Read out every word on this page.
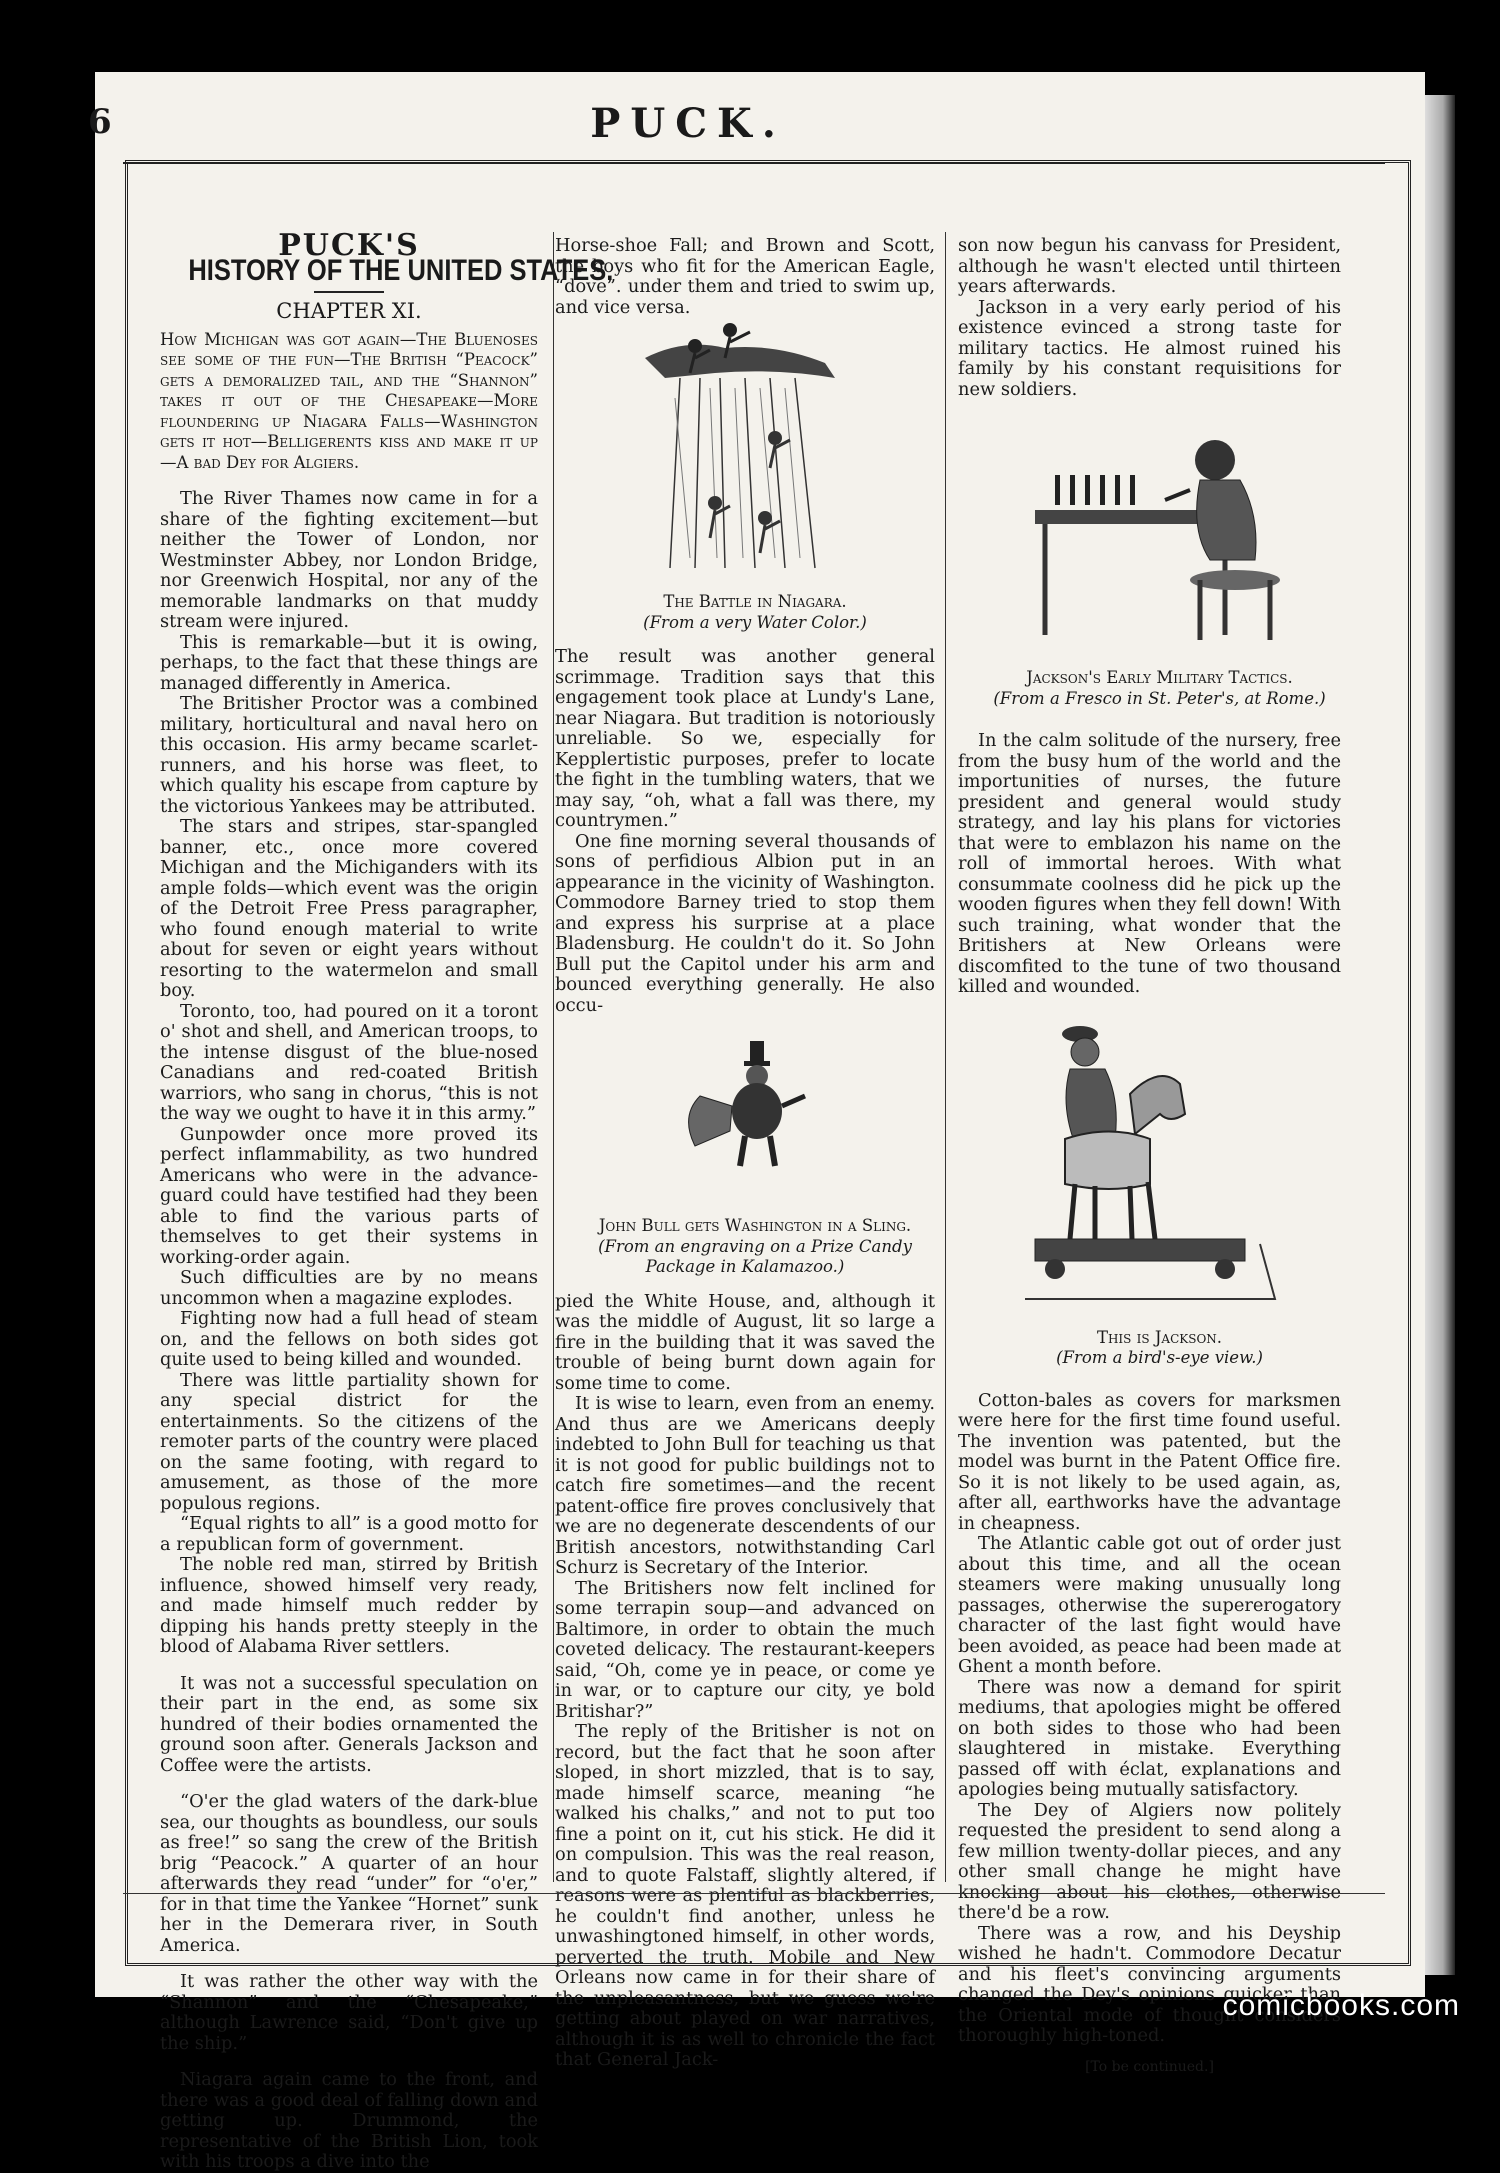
6	PUCK.
PUCK'S
HISTORY OF THE UNITED STATES.
CHAPTER XI.
How Michigan was got again—The Bluenoses see some of the fun—The British “Peacock” gets a demoralized tail, and the “Shannon” takes it out of the Chesapeake—More floundering up Niagara Falls—Washington gets it hot—Belligerents kiss and make it up—A bad Dey for Algiers.

The River Thames now came in for a share of the fighting excitement—but neither the Tower of London, nor Westminster Abbey, nor London Bridge, nor Greenwich Hospital, nor any of the memorable landmarks on that muddy stream were injured.

This is remarkable—but it is owing, perhaps, to the fact that these things are managed differently in America.

The Britisher Proctor was a combined military, horticultural and naval hero on this occasion. His army became scarlet-runners, and his horse was fleet, to which quality his escape from capture by the victorious Yankees may be attributed.

The stars and stripes, star-spangled banner, etc., once more covered Michigan and the Michiganders with its ample folds—which event was the origin of the Detroit Free Press paragrapher, who found enough material to write about for seven or eight years without resorting to the watermelon and small boy.

Toronto, too, had poured on it a toront o' shot and shell, and American troops, to the intense disgust of the blue-nosed Canadians and red-coated British warriors, who sang in chorus, “this is not the way we ought to have it in this army.”

Gunpowder once more proved its perfect inflammability, as two hundred Americans who were in the advance-guard could have testified had they been able to find the various parts of themselves to get their systems in working-order again.

Such difficulties are by no means uncommon when a magazine explodes.

Fighting now had a full head of steam on, and the fellows on both sides got quite used to being killed and wounded.

There was little partiality shown for any special district for the entertainments. So the citizens of the remoter parts of the country were placed on the same footing, with regard to amusement, as those of the more populous regions.

“Equal rights to all” is a good motto for a republican form of government.

The noble red man, stirred by British influence, showed himself very ready, and made himself much redder by dipping his hands pretty steeply in the blood of Alabama River settlers.

It was not a successful speculation on their part in the end, as some six hundred of their bodies ornamented the ground soon after. Generals Jackson and Coffee were the artists.

“O'er the glad waters of the dark-blue sea, our thoughts as boundless, our souls as free!” so sang the crew of the British brig “Peacock.” A quarter of an hour afterwards they read “under” for “o'er,” for in that time the Yankee “Hornet” sunk her in the Demerara river, in South America.

It was rather the other way with the “Shannon” and the “Chesapeake,” although Lawrence said, “Don't give up the ship.”

Niagara again came to the front, and there was a good deal of falling down and getting up. Drummond, the representative of the British Lion, took with his troops a dive into the

Horse-shoe Fall; and Brown and Scott, the boys who fit for the American Eagle, “dove”. under them and tried to swim up, and vice versa.

The Battle in Niagara.

(From a very Water Color.)

The result was another general scrimmage. Tradition says that this engagement took place at Lundy's Lane, near Niagara. But tradition is notoriously unreliable. So we, especially for Kepplertistic purposes, prefer to locate the fight in the tumbling waters, that we may say, “oh, what a fall was there, my countrymen.”

One fine morning several thousands of sons of perfidious Albion put in an appearance in the vicinity of Washington. Commodore Barney tried to stop them and express his surprise at a place Bladensburg. He couldn't do it. So John Bull put the Capitol under his arm and bounced everything generally. He also occu-

John Bull gets Washington in a Sling.

(From an engraving on a Prize Candy Package in Kalamazoo.)

pied the White House, and, although it was the middle of August, lit so large a fire in the building that it was saved the trouble of being burnt down again for some time to come.

It is wise to learn, even from an enemy. And thus are we Americans deeply indebted to John Bull for teaching us that it is not good for public buildings not to catch fire sometimes—and the recent patent-office fire proves conclusively that we are no degenerate descendents of our British ancestors, notwithstanding Carl Schurz is Secretary of the Interior.

The Britishers now felt inclined for some terrapin soup—and advanced on Baltimore, in order to obtain the much coveted delicacy. The restaurant-keepers said, “Oh, come ye in peace, or come ye in war, or to capture our city, ye bold Britishar?”

The reply of the Britisher is not on record, but the fact that he soon after sloped, in short mizzled, that is to say, made himself scarce, meaning “he walked his chalks,” and not to put too fine a point on it, cut his stick. He did it on compulsion. This was the real reason, and to quote Falstaff, slightly altered, if reasons were as plentiful as blackberries, he couldn't find another, unless he unwashingtoned himself, in other words, perverted the truth. Mobile and New Orleans now came in for their share of the unpleasantness, but we guess we're getting about played on war narratives, although it is as well to chronicle the fact that General Jack-

son now begun his canvass for President, although he wasn't elected until thirteen years afterwards.

Jackson in a very early period of his existence evinced a strong taste for military tactics. He almost ruined his family by his constant requisitions for new soldiers.

Jackson's Early Military Tactics.

(From a Fresco in St. Peter's, at Rome.)

In the calm solitude of the nursery, free from the busy hum of the world and the importunities of nurses, the future president and general would study strategy, and lay his plans for victories that were to emblazon his name on the roll of immortal heroes. With what consummate coolness did he pick up the wooden figures when they fell down! With such training, what wonder that the Britishers at New Orleans were discomfited to the tune of two thousand killed and wounded.

This is Jackson.

(From a bird's-eye view.)

Cotton-bales as covers for marksmen were here for the first time found useful. The invention was patented, but the model was burnt in the Patent Office fire. So it is not likely to be used again, as, after all, earthworks have the advantage in cheapness.

The Atlantic cable got out of order just about this time, and all the ocean steamers were making unusually long passages, otherwise the supererogatory character of the last fight would have been avoided, as peace had been made at Ghent a month before.

There was now a demand for spirit mediums, that apologies might be offered on both sides to those who had been slaughtered in mistake. Everything passed off with éclat, explanations and apologies being mutually satisfactory.

The Dey of Algiers now politely requested the president to send along a few million twenty-dollar pieces, and any other small change he might have knocking about his clothes, otherwise there'd be a row.

There was a row, and his Deyship wished he hadn't. Commodore Decatur and his fleet's convincing arguments changed the Dey's opinions quicker than the Oriental mode of thought considers thoroughly high-toned.

[To be continued.]
comicbooks.com
